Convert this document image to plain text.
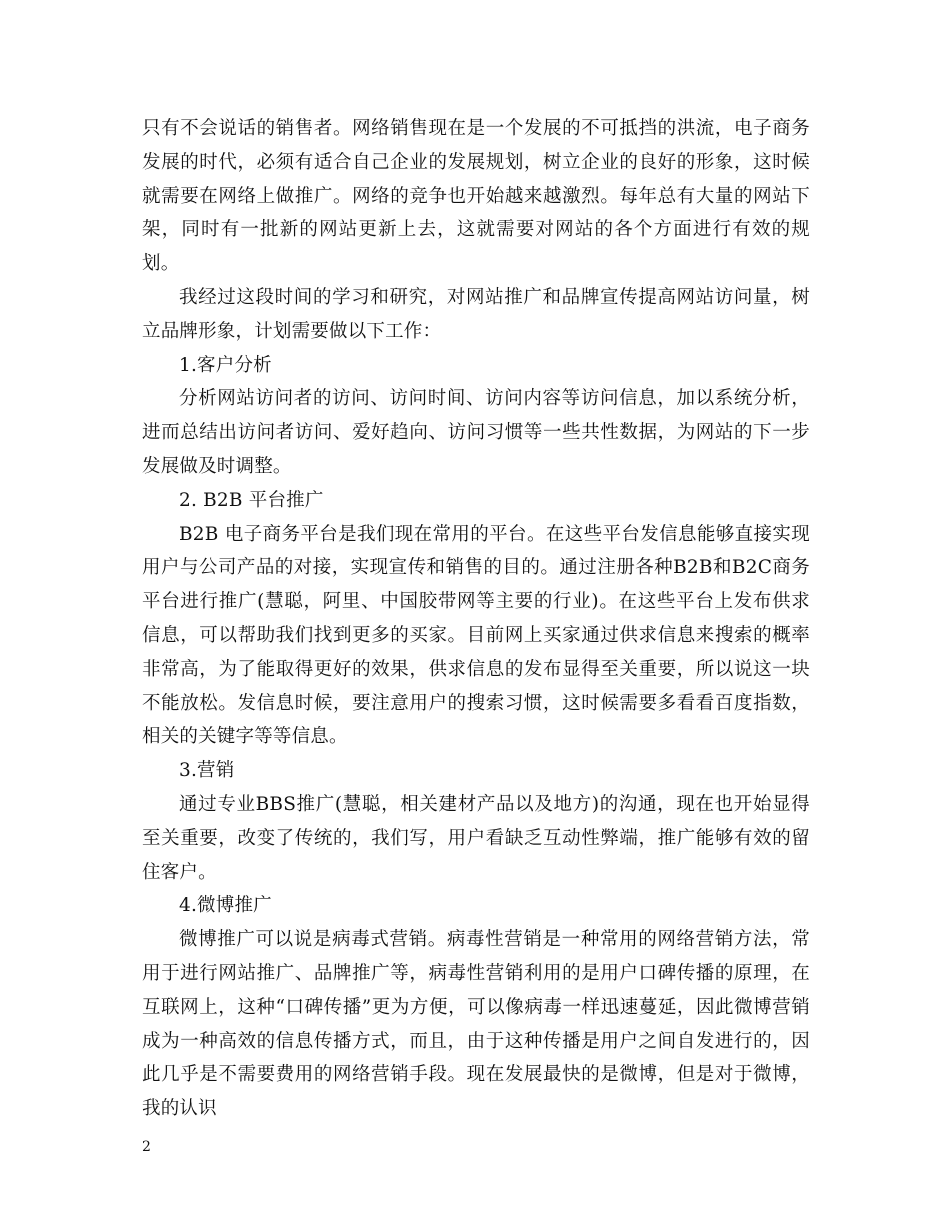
只有不会说话的销售者。网络销售现在是一个发展的不可抵挡的洪流，电子商务发展的时代，必须有适合自己企业的发展规划，树立企业的良好的形象，这时候就需要在网络上做推广。网络的竞争也开始越来越激烈。每年总有大量的网站下架，同时有一批新的网站更新上去，这就需要对网站的各个方面进行有效的规划。

我经过这段时间的学习和研究，对网站推广和品牌宣传提高网站访问量，树立品牌形象，计划需要做以下工作：

1.客户分析

分析网站访问者的访问、访问时间、访问内容等访问信息，加以系统分析，进而总结出访问者访问、爱好趋向、访问习惯等一些共性数据，为网站的下一步发展做及时调整。

2. B2B 平台推广

B2B 电子商务平台是我们现在常用的平台。在这些平台发信息能够直接实现用户与公司产品的对接，实现宣传和销售的目的。通过注册各种B2B和B2C商务平台进行推广(慧聪，阿里、中国胶带网等主要的行业)。在这些平台上发布供求信息，可以帮助我们找到更多的买家。目前网上买家通过供求信息来搜索的概率非常高，为了能取得更好的效果，供求信息的发布显得至关重要，所以说这一块不能放松。发信息时候，要注意用户的搜索习惯，这时候需要多看看百度指数，相关的关键字等等信息。

3.营销

通过专业BBS推广(慧聪，相关建材产品以及地方)的沟通，现在也开始显得至关重要，改变了传统的，我们写，用户看缺乏互动性弊端，推广能够有效的留住客户。

4.微博推广

微博推广可以说是病毒式营销。病毒性营销是一种常用的网络营销方法，常用于进行网站推广、品牌推广等，病毒性营销利用的是用户口碑传播的原理，在互联网上，这种“口碑传播”更为方便，可以像病毒一样迅速蔓延，因此微博营销成为一种高效的信息传播方式，而且，由于这种传播是用户之间自发进行的，因此几乎是不需要费用的网络营销手段。现在发展最快的是微博，但是对于微博，我的认识

2
